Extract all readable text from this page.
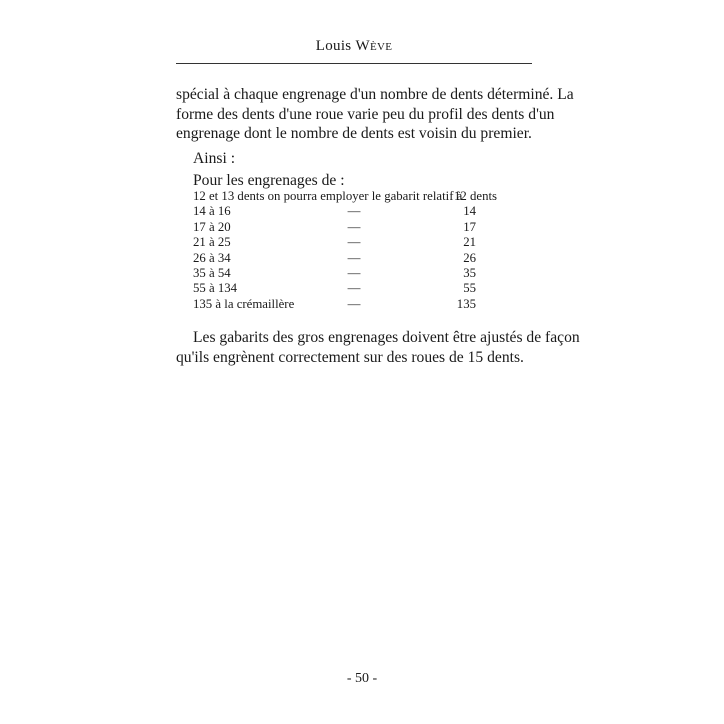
Louis Wève

spécial à chaque engrenage d'un nombre de dents déterminé. La
forme des dents d'une roue varie peu du profil des dents d'un
engrenage dont le nombre de dents est voisin du premier.

Ainsi :

Pour les engrenages de :

12 et 13 dents on pourra employer le gabarit relatif à
12 dents
14 à 16	—	14
17 à 20	—	17
21 à 25	—	21
26 à 34	—	26
35 à 54	—	35
55 à 134	—	55
135 à la crémaillère	—	135

Les gabarits des gros engrenages doivent être ajustés de façon
qu'ils engrènent correctement sur des roues de 15 dents.

- 50 -
